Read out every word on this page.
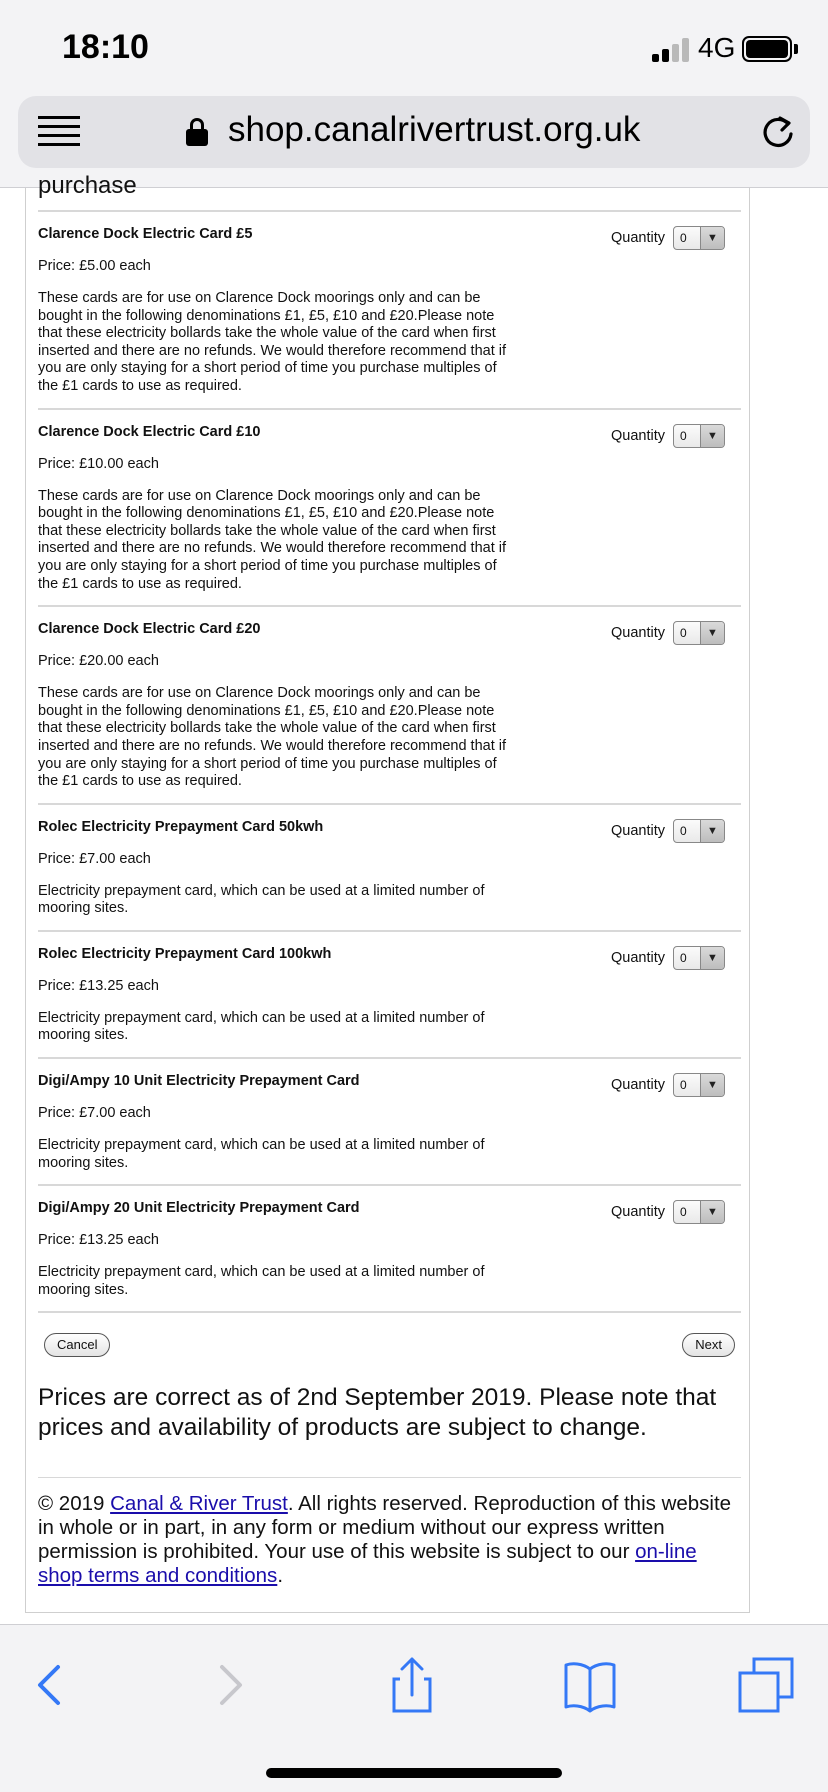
18:10	4G
shop.canalrivertrust.org.uk
purchase
Clarence Dock Electric Card £5
Price: £5.00 each
These cards are for use on Clarence Dock moorings only and can be bought in the following denominations £1, £5, £10 and £20.Please note that these electricity bollards take the whole value of the card when first inserted and there are no refunds. We would therefore recommend that if you are only staying for a short period of time you purchase multiples of the £1 cards to use as required.
Quantity 0	▼
Clarence Dock Electric Card £10
Price: £10.00 each
These cards are for use on Clarence Dock moorings only and can be bought in the following denominations £1, £5, £10 and £20.Please note that these electricity bollards take the whole value of the card when first inserted and there are no refunds. We would therefore recommend that if you are only staying for a short period of time you purchase multiples of the £1 cards to use as required.
Quantity 0	▼
Clarence Dock Electric Card £20
Price: £20.00 each
These cards are for use on Clarence Dock moorings only and can be bought in the following denominations £1, £5, £10 and £20.Please note that these electricity bollards take the whole value of the card when first inserted and there are no refunds. We would therefore recommend that if you are only staying for a short period of time you purchase multiples of the £1 cards to use as required.
Quantity 0	▼
Rolec Electricity Prepayment Card 50kwh
Price: £7.00 each
Electricity prepayment card, which can be used at a limited number of mooring sites.
Quantity 0	▼
Rolec Electricity Prepayment Card 100kwh
Price: £13.25 each
Electricity prepayment card, which can be used at a limited number of mooring sites.
Quantity 0	▼
Digi/Ampy 10 Unit Electricity Prepayment Card
Price: £7.00 each
Electricity prepayment card, which can be used at a limited number of mooring sites.
Quantity 0	▼
Digi/Ampy 20 Unit Electricity Prepayment Card
Price: £13.25 each
Electricity prepayment card, which can be used at a limited number of mooring sites.
Quantity 0	▼
Cancel	Next
Prices are correct as of 2nd September 2019. Please note that prices and availability of products are subject to change.
© 2019 Canal & River Trust. All rights reserved. Reproduction of this website in whole or in part, in any form or medium without our express written permission is prohibited. Your use of this website is subject to our on-line shop terms and conditions.
